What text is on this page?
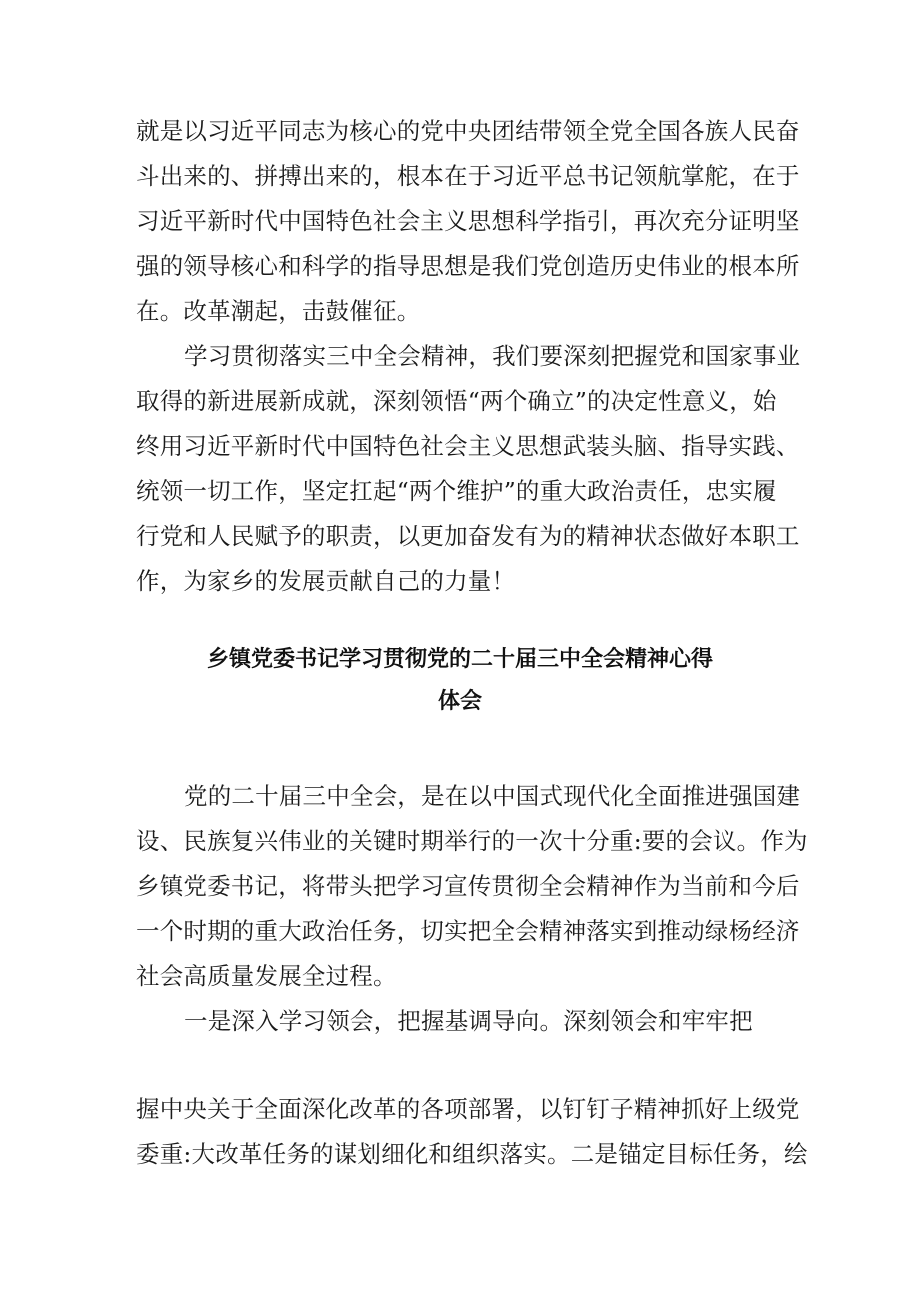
就是以习近平同志为核心的党中央团结带领全党全国各族人民奋
斗出来的、拼搏出来的，根本在于习近平总书记领航掌舵，在于
习近平新时代中国特色社会主义思想科学指引，再次充分证明坚
强的领导核心和科学的指导思想是我们党创造历史伟业的根本所
在。改革潮起，击鼓催征。
学习贯彻落实三中全会精神，我们要深刻把握党和国家事业
取得的新进展新成就，深刻领悟“两个确立”的决定性意义，始
终用习近平新时代中国特色社会主义思想武装头脑、指导实践、
统领一切工作，坚定扛起“两个维护”的重大政治责任，忠实履
行党和人民赋予的职责，以更加奋发有为的精神状态做好本职工
作，为家乡的发展贡献自己的力量！
乡镇党委书记学习贯彻党的二十届三中全会精神心得
体会
党的二十届三中全会，是在以中国式现代化全面推进强国建
设、民族复兴伟业的关键时期举行的一次十分重:要的会议。作为
乡镇党委书记，将带头把学习宣传贯彻全会精神作为当前和今后
一个时期的重大政治任务，切实把全会精神落实到推动绿杨经济
社会高质量发展全过程。
一是深入学习领会，把握基调导向。深刻领会和牢牢把
握中央关于全面深化改革的各项部署，以钉钉子精神抓好上级党
委重:大改革任务的谋划细化和组织落实。二是锚定目标任务，绘
